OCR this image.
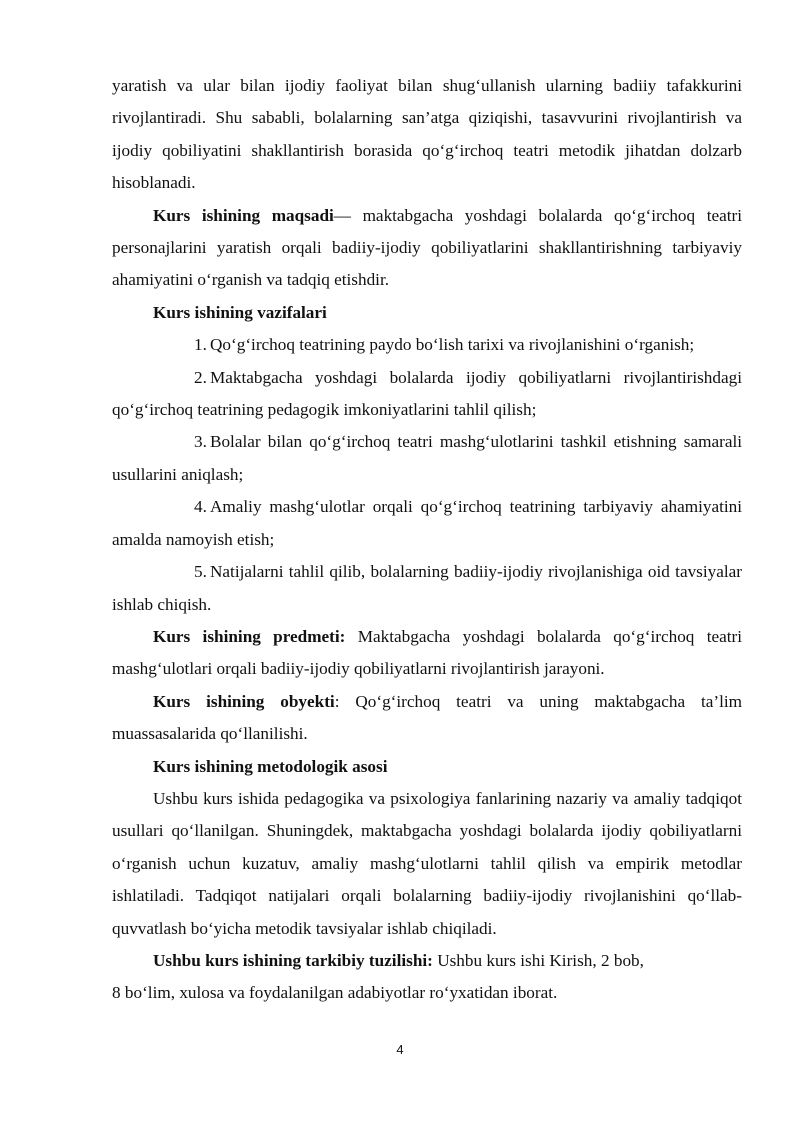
yaratish va ular bilan ijodiy faoliyat bilan shug‘ullanish ularning badiiy tafakkurini rivojlantiradi. Shu sababli, bolalarning san’atga qiziqishi, tasavvurini rivojlantirish va ijodiy qobiliyatini shakllantirish borasida qo‘g‘irchoq teatri metodik jihatdan dolzarb hisoblanadi.

Kurs ishining maqsadi— maktabgacha yoshdagi bolalarda qo‘g‘irchoq teatri personajlarini yaratish orqali badiiy-ijodiy qobiliyatlarini shakllantirishning tarbiyaviy ahamiyatini o‘rganish va tadqiq etishdir.

Kurs ishining vazifalari

1. Qo‘g‘irchoq teatrining paydo bo‘lish tarixi va rivojlanishini o‘rganish;

2. Maktabgacha yoshdagi bolalarda ijodiy qobiliyatlarni rivojlantirishdagi qo‘g‘irchoq teatrining pedagogik imkoniyatlarini tahlil qilish;

3. Bolalar bilan qo‘g‘irchoq teatri mashg‘ulotlarini tashkil etishning samarali usullarini aniqlash;

4. Amaliy mashg‘ulotlar orqali qo‘g‘irchoq teatrining tarbiyaviy ahamiyatini amalda namoyish etish;

5. Natijalarni tahlil qilib, bolalarning badiiy-ijodiy rivojlanishiga oid tavsiyalar ishlab chiqish.

Kurs ishining predmeti: Maktabgacha yoshdagi bolalarda qo‘g‘irchoq teatri mashg‘ulotlari orqali badiiy-ijodiy qobiliyatlarni rivojlantirish jarayoni.

Kurs ishining obyekti: Qo‘g‘irchoq teatri va uning maktabgacha ta’lim muassasalarida qo‘llanilishi.

Kurs ishining metodologik asosi

Ushbu kurs ishida pedagogika va psixologiya fanlarining nazariy va amaliy tadqiqot usullari qo‘llanilgan. Shuningdek, maktabgacha yoshdagi bolalarda ijodiy qobiliyatlarni o‘rganish uchun kuzatuv, amaliy mashg‘ulotlarni tahlil qilish va empirik metodlar ishlatiladi. Tadqiqot natijalari orqali bolalarning badiiy-ijodiy rivojlanishini qo‘llab-quvvatlash bo‘yicha metodik tavsiyalar ishlab chiqiladi.

Ushbu kurs ishining tarkibiy tuzilishi: Ushbu kurs ishi Kirish, 2 bob,

8 bo‘lim, xulosa va foydalanilgan adabiyotlar ro‘yxatidan iborat.

4
